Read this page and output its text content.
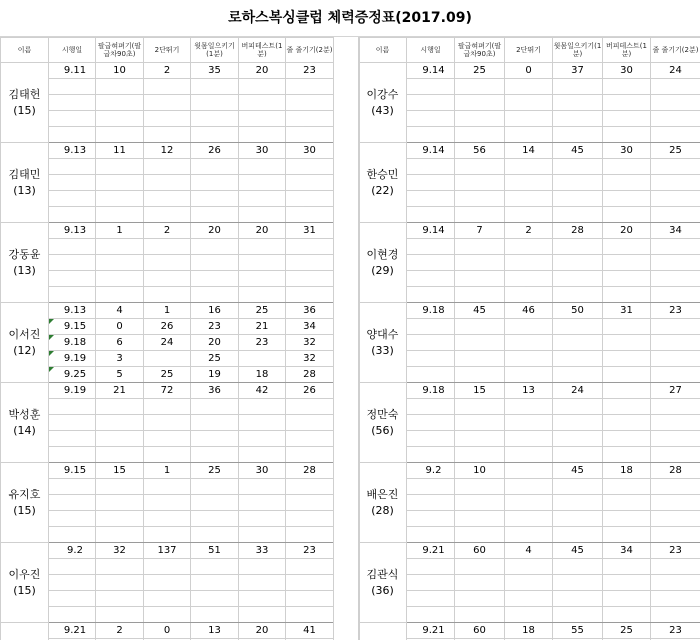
로하스복싱클럽 체력증정표(2017.09)
이름	시행일	팔굽혀펴기(팔굽차90초)	2단뛰기	윗몸일으키기(1분)	버피테스트(1분)	줄 줄기기(2분)

김태헌
(15)	9.11	10	2	35	20	23

김태민
(13)	9.13	11	12	26	30	30

강동윤
(13)	9.13	1	2	20	20	31

이서진
(12)	9.13	4	1	16	25	36
	9.15	0	26	23	21	34
	9.18	6	24	20	23	32
	9.19	3		25		32
	9.25	5	25	19	18	28

박성훈
(14)	9.19	21	72	36	42	26

유지호
(15)	9.15	15	1	25	30	28

이우진
(15)	9.2	32	137	51	33	23

	9.21	2	0	13	20	41

이름	시행일	팔굽혀펴기(팔굽차90초)	2단뛰기	윗몸일으키기(1분)	버피테스트(1분)	줄 줄기기(2분)

이강수
(43)	9.14	25	0	37	30	24

한승민
(22)	9.14	56	14	45	30	25

이현경
(29)	9.14	7	2	28	20	34

양대수
(33)	9.18	45	46	50	31	23

정만숙
(56)	9.18	15	13	24		27

배은진
(28)	9.2	10		45	18	28

김관식
(36)	9.21	60	4	45	34	23

	9.21	60	18	55	25	23
